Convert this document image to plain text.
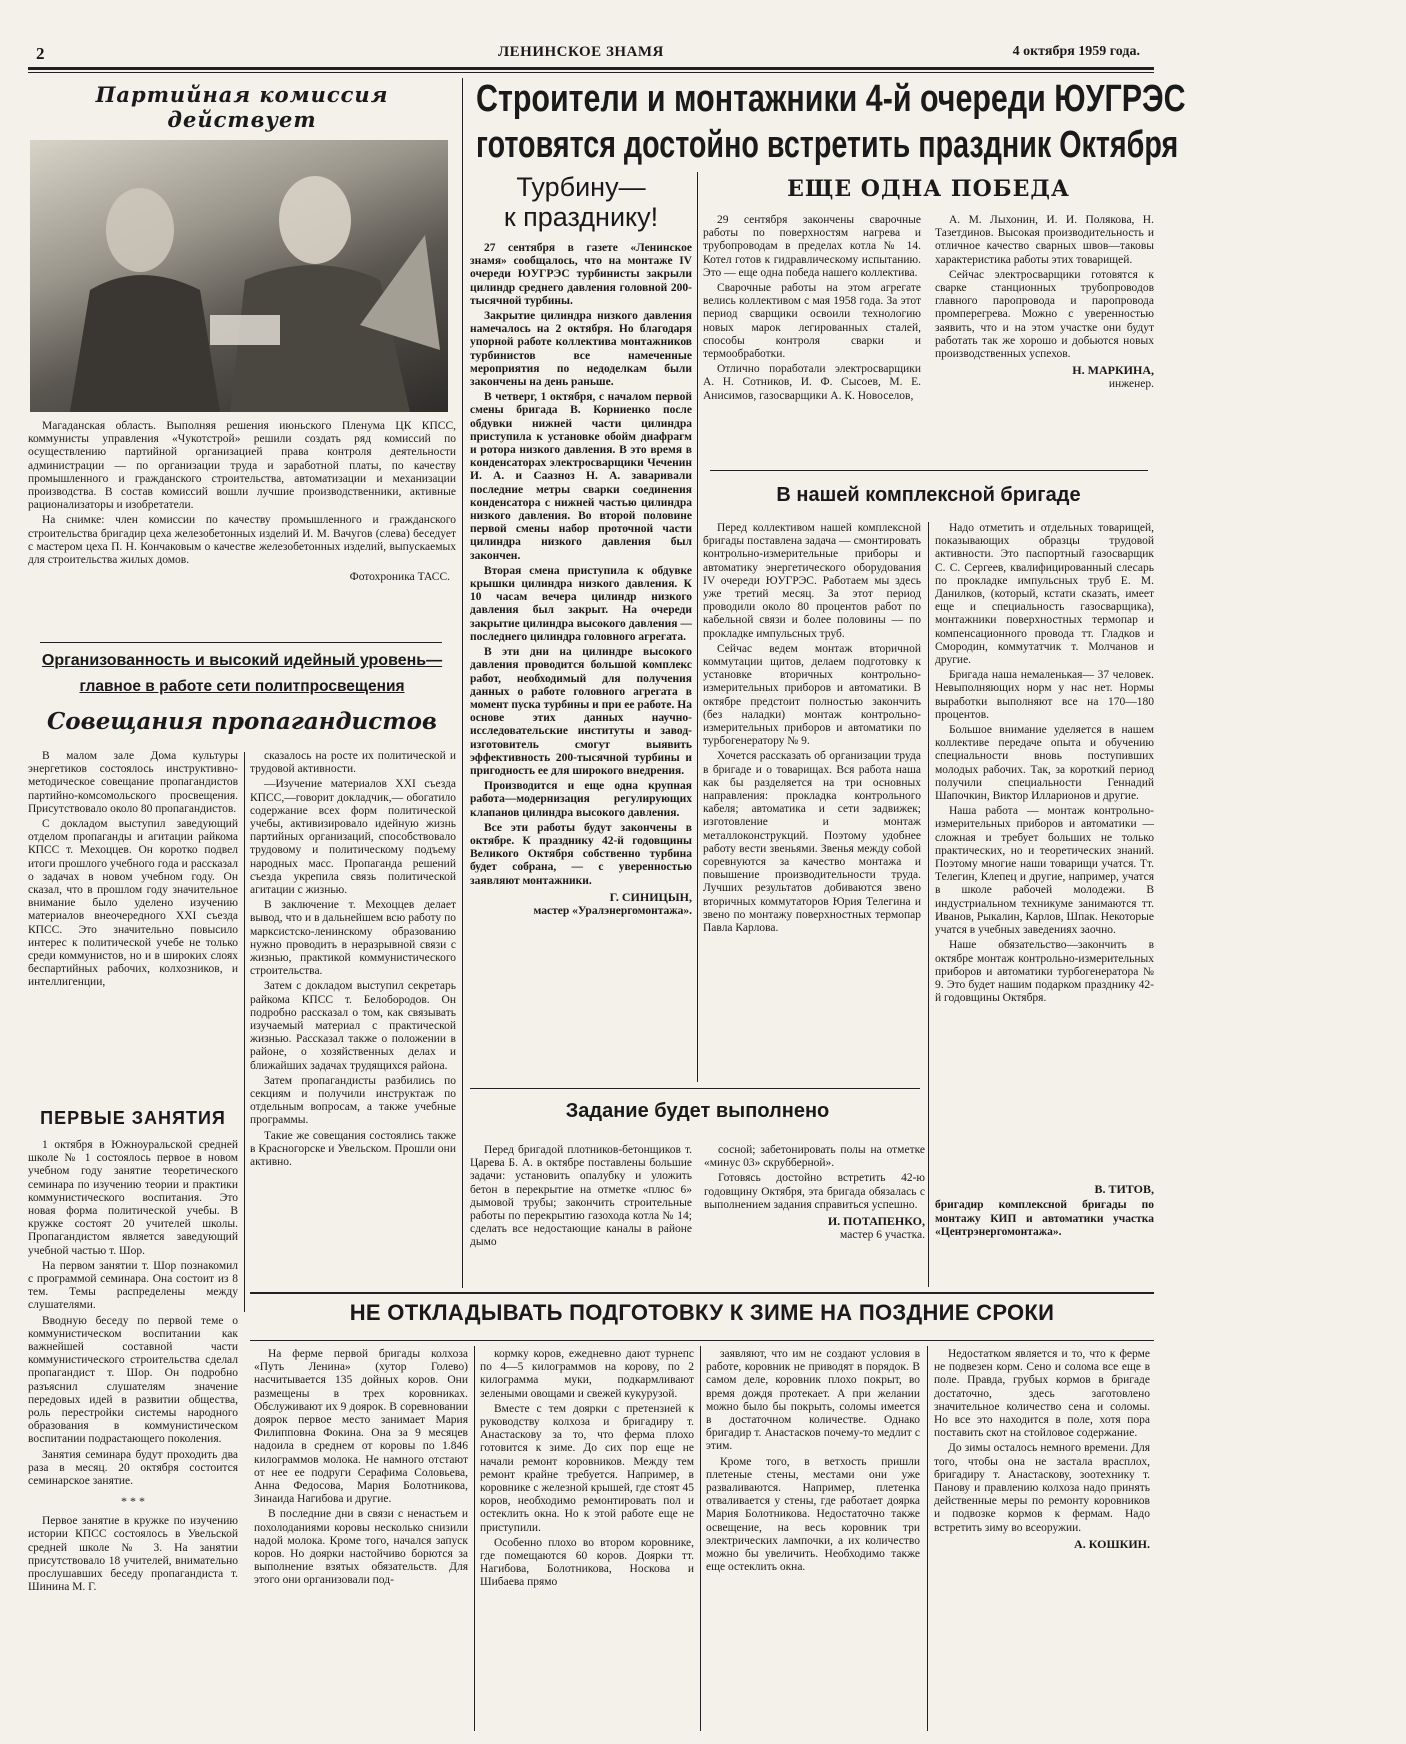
2	ЛЕНИНСКОЕ ЗНАМЯ	4 октября 1959 года.
Партийная комиссия действует

Магаданская область. Выполняя решения июньского Пленума ЦК КПСС, коммунисты управления «Чукотстрой» решили создать ряд комиссий по осуществлению партийной организацией права контроля деятельности администрации — по организации труда и заработной платы, по качеству промышленного и гражданского строительства, автоматизации и механизации производства. В состав комиссий вошли лучшие производственники, активные рационализаторы и изобретатели.

На снимке: член комиссии по качеству промышленного и гражданского строительства бригадир цеха железобетонных изделий И. М. Вачугов (слева) беседует с мастером цеха П. Н. Кончаковым о качестве железобетонных изделий, выпускаемых для строительства жилых домов.

Фотохроника ТАСС.

Организованность и высокий идейный уровень—
главное в работе сети политпросвещения
Совещания пропагандистов

В малом зале Дома культуры энергетиков состоялось инструктивно-методическое совещание пропагандистов партийно-комсомольского просвещения. Присутствовало около 80 пропагандистов.

С докладом выступил заведующий отделом пропаганды и агитации райкома КПСС т. Мехоццев. Он коротко подвел итоги прошлого учебного года и рассказал о задачах в новом учебном году. Он сказал, что в прошлом году значительное внимание было уделено изучению материалов внеочередного XXI съезда КПСС. Это значительно повысило интерес к политической учебе не только среди коммунистов, но и в широких слоях беспартийных рабочих, колхозников, и интеллигенции,

сказалось на росте их политической и трудовой активности.

—Изучение материалов XXI съезда КПСС,—говорит докладчик,— обогатило содержание всех форм политической учебы, активизировало идейную жизнь партийных организаций, способствовало трудовому и политическому подъему народных масс. Пропаганда решений съезда укрепила связь политической агитации с жизнью.

В заключение т. Мехоццев делает вывод, что и в дальнейшем всю работу по марксистско-ленинскому образованию нужно проводить в неразрывной связи с жизнью, практикой коммунистического строительства.

Затем с докладом выступил секретарь райкома КПСС т. Белобородов. Он подробно рассказал о том, как связывать изучаемый материал с практической жизнью. Рассказал также о положении в районе, о хозяйственных делах и ближайших задачах трудящихся района.

Затем пропагандисты разбились по секциям и получили инструктаж по отдельным вопросам, а также учебные программы.

Такие же совещания состоялись также в Красногорске и Увельском. Прошли они активно.

ПЕРВЫЕ ЗАНЯТИЯ

1 октября в Южноуральской средней школе № 1 состоялось первое в новом учебном году занятие теоретического семинара по изучению теории и практики коммунистического воспитания. Это новая форма политической учебы. В кружке состоят 20 учителей школы. Пропагандистом является заведующий учебной частью т. Шор.

На первом занятии т. Шор познакомил с программой семинара. Она состоит из 8 тем. Темы распределены между слушателями.

Вводную беседу по первой теме о коммунистическом воспитании как важнейшей составной части коммунистического строительства сделал пропагандист т. Шор. Он подробно разъяснил слушателям значение передовых идей в развитии общества, роль перестройки системы народного образования в коммунистическом воспитании подрастающего поколения.

Занятия семинара будут проходить два раза в месяц. 20 октября состоится семинарское занятие.

* * *

Первое занятие в кружке по изучению истории КПСС состоялось в Увельской средней школе № 3. На занятии присутствовало 18 учителей, внимательно прослушавших беседу пропагандиста т. Шинина М. Г.

Строители и монтажники 4-й очереди ЮУГРЭС
готовятся достойно встретить праздник Октября
Турбину—
к празднику!

27 сентября в газете «Ленинское знамя» сообщалось, что на монтаже IV очереди ЮУГРЭС турбинисты закрыли цилиндр среднего давления головной 200-тысячной турбины.

Закрытие цилиндра низкого давления намечалось на 2 октября. Но благодаря упорной работе коллектива монтажников турбинистов все намеченные мероприятия по недоделкам были закончены на день раньше.

В четверг, 1 октября, с началом первой смены бригада В. Корниенко после обдувки нижней части цилиндра приступила к установке обойм диафрагм и ротора низкого давления. В это время в конденсаторах электросварщики Чеченин И. А. и Саазноз Н. А. заваривали последние метры сварки соединения конденсатора с нижней частью цилиндра низкого давления. Во второй половине первой смены набор проточной части цилиндра низкого давления был закончен.

Вторая смена приступила к обдувке крышки цилиндра низкого давления. К 10 часам вечера цилиндр низкого давления был закрыт. На очереди закрытие цилиндра высокого давления — последнего цилиндра головного агрегата.

В эти дни на цилиндре высокого давления проводится большой комплекс работ, необходимый для получения данных о работе головного агрегата в момент пуска турбины и при ее работе. На основе этих данных научно-исследовательские институты и завод-изготовитель смогут выявить эффективность 200-тысячной турбины и пригодность ее для широкого внедрения.

Производится и еще одна крупная работа—модернизация регулирующих клапанов цилиндра высокого давления.

Все эти работы будут закончены в октябре. К празднику 42-й годовщины Великого Октября собственно турбина будет собрана, — с уверенностью заявляют монтажники.

Г. СИНИЦЫН,

мастер «Уралэнергомонтажа».

ЕЩЕ ОДНА ПОБЕДА

29 сентября закончены сварочные работы по поверхностям нагрева и трубопроводам в пределах котла № 14. Котел готов к гидравлическому испытанию. Это — еще одна победа нашего коллектива.

Сварочные работы на этом агрегате велись коллективом с мая 1958 года. За этот период сварщики освоили технологию новых марок легированных сталей, способы контроля сварки и термообработки.

Отлично поработали электросварщики А. Н. Сотников, И. Ф. Сысоев, М. Е. Анисимов, газосварщики А. К. Новоселов,

А. М. Лыхонин, И. И. Полякова, Н. Тазетдинов. Высокая производительность и отличное качество сварных швов—таковы характеристика работы этих товарищей.

Сейчас электросварщики готовятся к сварке станционных трубопроводов главного паропровода и паропровода промперегрева. Можно с уверенностью заявить, что и на этом участке они будут работать так же хорошо и добьются новых производственных успехов.

Н. МАРКИНА,

инженер.

В нашей комплексной бригаде

Перед коллективом нашей комплексной бригады поставлена задача — смонтировать контрольно-измерительные приборы и автоматику энергетического оборудования IV очереди ЮУГРЭС. Работаем мы здесь уже третий месяц. За этот период проводили около 80 процентов работ по кабельной связи и более половины — по прокладке импульсных труб.

Сейчас ведем монтаж вторичной коммутации щитов, делаем подготовку к установке вторичных контрольно-измерительных приборов и автоматики. В октябре предстоит полностью закончить (без наладки) монтаж контрольно-измерительных приборов и автоматики по турбогенератору № 9.

Хочется рассказать об организации труда в бригаде и о товарищах. Вся работа наша как бы разделяется на три основных направления: прокладка контрольного кабеля; автоматика и сети задвижек; изготовление и монтаж металлоконструкций. Поэтому удобнее работу вести звеньями. Звенья между собой соревнуются за качество монтажа и повышение производительности труда. Лучших результатов добиваются звено вторичных коммутаторов Юрия Телегина и звено по монтажу поверхностных термопар Павла Карлова.

Надо отметить и отдельных товарищей, показывающих образцы трудовой активности. Это паспортный газосварщик С. С. Сергеев, квалифицированный слесарь по прокладке импульсных труб Е. М. Данилков, (который, кстати сказать, имеет еще и специальность газосварщика), монтажники поверхностных термопар и компенсационного провода тт. Гладков и Смородин, коммутатчик т. Молчанов и другие.

Бригада наша немаленькая— 37 человек. Невыполняющих норм у нас нет. Нормы выработки выполняют все на 170—180 процентов.

Большое внимание уделяется в нашем коллективе передаче опыта и обучению специальности вновь поступивших молодых рабочих. Так, за короткий период получили специальности Геннадий Шапочкин, Виктор Илларионов и другие.

Наша работа — монтаж контрольно-измерительных приборов и автоматики — сложная и требует больших не только практических, но и теоретических знаний. Поэтому многие наши товарищи учатся. Тт. Телегин, Клепец и другие, например, учатся в школе рабочей молодежи. В индустриальном техникуме занимаются тт. Иванов, Рыкалин, Карлов, Шпак. Некоторые учатся в учебных заведениях заочно.

Наше обязательство—закончить в октябре монтаж контрольно-измерительных приборов и автоматики турбогенератора № 9. Это будет нашим подарком празднику 42-й годовщины Октября.

В. ТИТОВ,

бригадир комплексной бригады по монтажу КИП и автоматики участка «Центрэнергомонтажа».

Задание будет выполнено

Перед бригадой плотников-бетонщиков т. Царева Б. А. в октябре поставлены большие задачи: установить опалубку и уложить бетон в перекрытие на отметке «плюс 6» дымовой трубы; закончить строительные работы по перекрытию газохода котла № 14; сделать все недостающие каналы в районе дымо

сосной; забетонировать полы на отметке «минус 03» скрубберной».

Готовясь достойно встретить 42-ю годовщину Октября, эта бригада обязалась с выполнением задания справиться успешно.

И. ПОТАПЕНКО,

мастер 6 участка.

НЕ ОТКЛАДЫВАТЬ ПОДГОТОВКУ К ЗИМЕ НА ПОЗДНИЕ СРОКИ

На ферме первой бригады колхоза «Путь Ленина» (хутор Голево) насчитывается 135 дойных коров. Они размещены в трех коровниках. Обслуживают их 9 доярок. В соревновании доярок первое место занимает Мария Филипповна Фокина. Она за 9 месяцев надоила в среднем от коровы по 1.846 килограммов молока. Не намного отстают от нее ее подруги Серафима Соловьева, Анна Федосова, Мария Болотникова, Зинаида Нагибова и другие.

В последние дни в связи с ненастьем и похолоданиями коровы несколько снизили надой молока. Кроме того, начался запуск коров. Но доярки настойчиво борются за выполнение взятых обязательств. Для этого они организовали под-

кормку коров, ежедневно дают турнепс по 4—5 килограммов на корову, по 2 килограмма муки, подкармливают зелеными овощами и свежей кукурузой.

Вместе с тем доярки с претензией к руководству колхоза и бригадиру т. Анастаскову за то, что ферма плохо готовится к зиме. До сих пор еще не начали ремонт коровников. Между тем ремонт крайне требуется. Например, в коровнике с железной крышей, где стоят 45 коров, необходимо ремонтировать пол и остеклить окна. Но к этой работе еще не приступили.

Особенно плохо во втором коровнике, где помещаются 60 коров. Доярки тт. Нагибова, Болотникова, Носкова и Шибаева прямо

заявляют, что им не создают условия в работе, коровник не приводят в порядок. В самом деле, коровник плохо покрыт, во время дождя протекает. А при желании можно было бы покрыть, соломы имеется в достаточном количестве. Однако бригадир т. Анастасков почему-то медлит с этим.

Кроме того, в ветхость пришли плетеные стены, местами они уже разваливаются. Например, плетенка отваливается у стены, где работает доярка Мария Болотникова. Недостаточно также освещение, на весь коровник три электрических лампочки, а их количество можно бы увеличить. Необходимо также еще остеклить окна.

Недостатком является и то, что к ферме не подвезен корм. Сено и солома все еще в поле. Правда, грубых кормов в бригаде достаточно, здесь заготовлено значительное количество сена и соломы. Но все это находится в поле, хотя пора поставить скот на стойловое содержание.

До зимы осталось немного времени. Для того, чтобы она не застала врасплох, бригадиру т. Анастаскову, зоотехнику т. Панову и правлению колхоза надо принять действенные меры по ремонту коровников и подвозке кормов к фермам. Надо встретить зиму во всеоружии.

А. КОШКИН.
